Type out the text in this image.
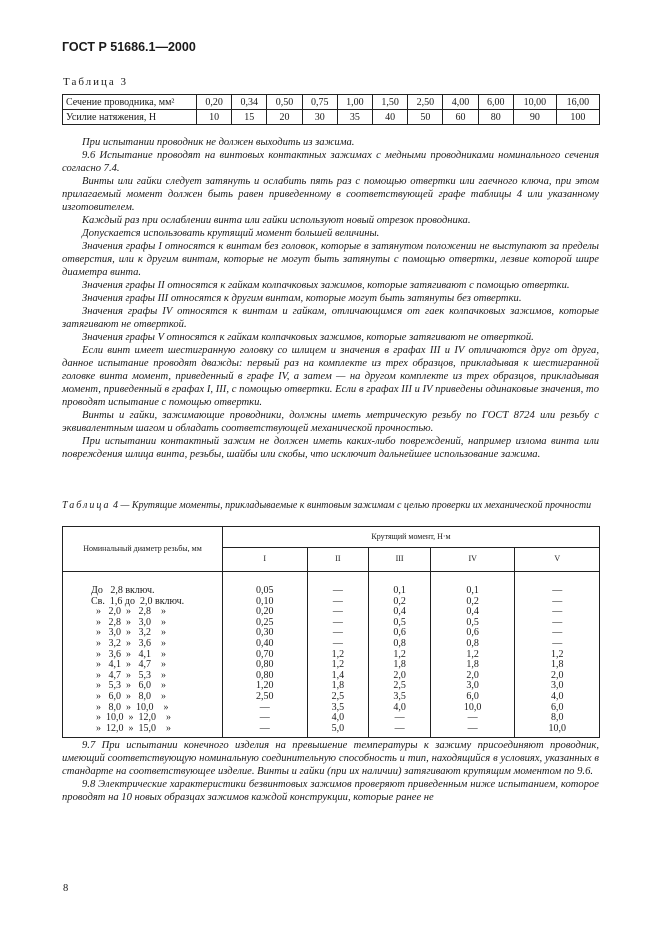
ГОСТ Р 51686.1—2000

Таблица 3

Сечение проводника, мм²	0,20	0,34	0,50	0,75	1,00	1,50	2,50	4,00	6,00	10,00	16,00
Усилие натяжения, Н	10	15	20	30	35	40	50	60	80	90	100

При испытании проводник не должен выходить из зажима.

9.6 Испытание проводят на винтовых контактных зажимах с медными проводниками номинального сечения согласно 7.4.

Винты или гайки следует затянуть и ослабить пять раз с помощью отвертки или гаечного ключа, при этом прилагаемый момент должен быть равен приведенному в соответствующей графе таблицы 4 или указанному изготовителем.

Каждый раз при ослаблении винта или гайки используют новый отрезок проводника.

Допускается использовать крутящий момент большей величины.

Значения графы I относятся к винтам без головок, которые в затянутом положении не выступают за пределы отверстия, или к другим винтам, которые не могут быть затянуты с помощью отвертки, лезвие которой шире диаметра винта.

Значения графы II относятся к гайкам колпачковых зажимов, которые затягивают с помощью отвертки.

Значения графы III относятся к другим винтам, которые могут быть затянуты без отвертки.

Значения графы IV относятся к винтам и гайкам, отличающимся от гаек колпачковых зажимов, которые затягивают не отверткой.

Значения графы V относятся к гайкам колпачковых зажимов, которые затягивают не отверткой.

Если винт имеет шестигранную головку со шлицем и значения в графах III и IV отличаются друг от друга, данное испытание проводят дважды: первый раз на комплекте из трех образцов, прикладывая к шестигранной головке винта момент, приведенный в графе IV, а затем — на другом комплекте из трех образцов, прикладывая момент, приведенный в графах I, III, с помощью отвертки. Если в графах III и IV приведены одинаковые значения, то проводят испытание с помощью отвертки.

Винты и гайки, зажимающие проводники, должны иметь метрическую резьбу по ГОСТ 8724 или резьбу с эквивалентным шагом и обладать соответствующей механической прочностью.

При испытании контактный зажим не должен иметь каких-либо повреждений, например излома винта или повреждения шлица винта, резьбы, шайбы или скобы, что исключит дальнейшее использование зажима.

Таблица 4 — Крутящие моменты, прикладываемые к винтовым зажимам с целью проверки их механической прочности

Номинальный диаметр резьбы, мм	Крутящий момент, Н·м				
	I	II	III	IV	V
До   2,8 включ.	0,05	—	0,1	0,1	—
Св.  1,6 до  2,0 включ.	0,10	—	0,2	0,2	—
»   2,0  »   2,8    »	0,20	—	0,4	0,4	—
»   2,8  »   3,0    »	0,25	—	0,5	0,5	—
»   3,0  »   3,2    »	0,30	—	0,6	0,6	—
»   3,2  »   3,6    »	0,40	—	0,8	0,8	—
»   3,6  »   4,1    »	0,70	1,2	1,2	1,2	1,2
»   4,1  »   4,7    »	0,80	1,2	1,8	1,8	1,8
»   4,7  »   5,3    »	0,80	1,4	2,0	2,0	2,0
»   5,3  »   6,0    »	1,20	1,8	2,5	3,0	3,0
»   6,0  »   8,0    »	2,50	2,5	3,5	6,0	4,0
»   8,0  »  10,0    »	—	3,5	4,0	10,0	6,0
»  10,0  »  12,0    »	—	4,0	—	—	8,0
»  12,0  »  15,0    »	—	5,0	—	—	10,0

9.7 При испытании конечного изделия на превышение температуры к зажиму присоединяют проводник, имеющий соответствующую номинальную соединительную способность и тип, находящийся в условиях, указанных в стандарте на соответствующее изделие. Винты и гайки (при их наличии) затягивают крутящим моментом по 9.6.

9.8 Электрические характеристики безвинтовых зажимов проверяют приведенным ниже испытанием, которое проводят на 10 новых образцах зажимов каждой конструкции, которые ранее не

8
